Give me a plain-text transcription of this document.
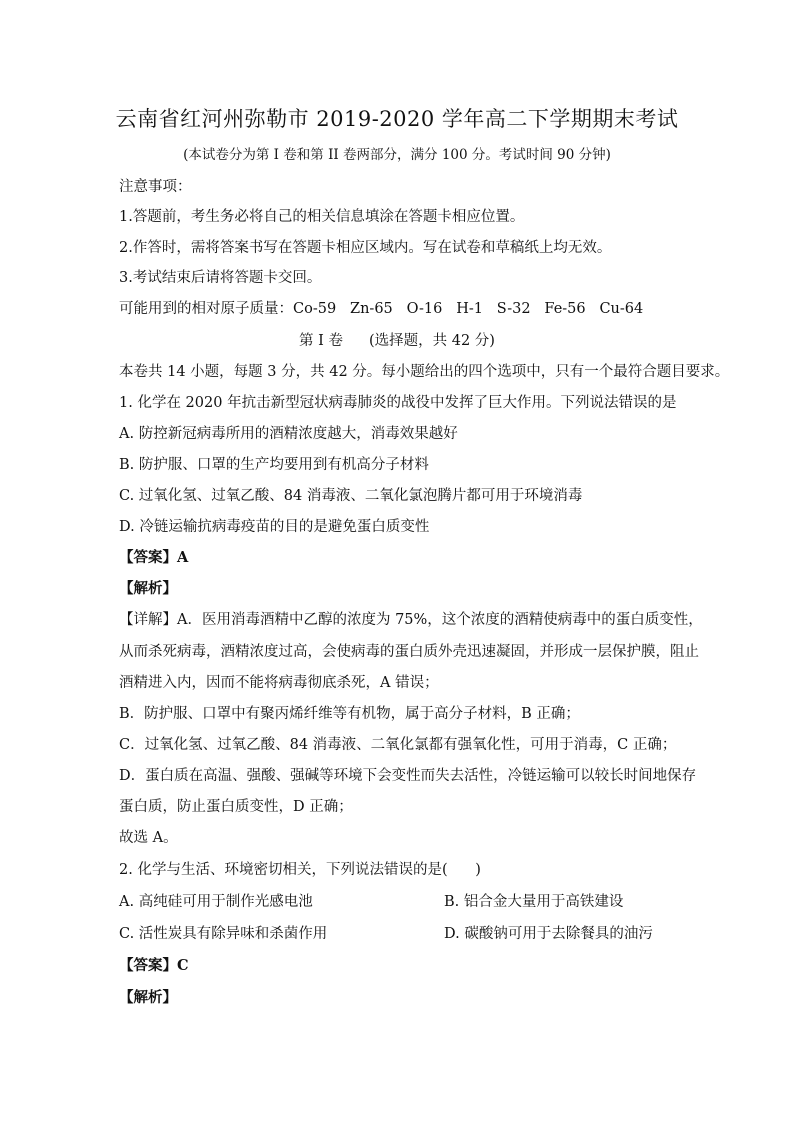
云南省红河州弥勒市 2019-2020 学年高二下学期期末考试
(本试卷分为第 I 卷和第 II 卷两部分，满分 100 分。考试时间 90 分钟)
注意事项：
1.答题前，考生务必将自己的相关信息填涂在答题卡相应位置。
2.作答时，需将答案书写在答题卡相应区域内。写在试卷和草稿纸上均无效。
3.考试结束后请将答题卡交回。
可能用到的相对原子质量：Co-59   Zn-65   O-16   H-1   S-32   Fe-56   Cu-64
第 I 卷 (选择题，共 42 分)
本卷共 14 小题，每题 3 分，共 42 分。每小题给出的四个选项中，只有一个最符合题目要求。
1. 化学在 2020 年抗击新型冠状病毒肺炎的战役中发挥了巨大作用。下列说法错误的是
A. 防控新冠病毒所用的酒精浓度越大，消毒效果越好
B. 防护服、口罩的生产均要用到有机高分子材料
C. 过氧化氢、过氧乙酸、84 消毒液、二氧化氯泡腾片都可用于环境消毒
D. 冷链运输抗病毒疫苗的目的是避免蛋白质变性
【答案】A
【解析】
【详解】A．医用消毒酒精中乙醇的浓度为 75%，这个浓度的酒精使病毒中的蛋白质变性，
从而杀死病毒，酒精浓度过高，会使病毒的蛋白质外壳迅速凝固，并形成一层保护膜，阻止
酒精进入内，因而不能将病毒彻底杀死，A 错误；
B．防护服、口罩中有聚丙烯纤维等有机物，属于高分子材料，B 正确；
C．过氧化氢、过氧乙酸、84 消毒液、二氧化氯都有强氧化性，可用于消毒，C 正确；
D．蛋白质在高温、强酸、强碱等环境下会变性而失去活性，冷链运输可以较长时间地保存
蛋白质，防止蛋白质变性，D 正确；
故选 A。
2. 化学与生活、环境密切相关，下列说法错误的是(      )
A. 高纯硅可用于制作光感电池	B. 铝合金大量用于高铁建设
C. 活性炭具有除异味和杀菌作用	D. 碳酸钠可用于去除餐具的油污
【答案】C
【解析】
